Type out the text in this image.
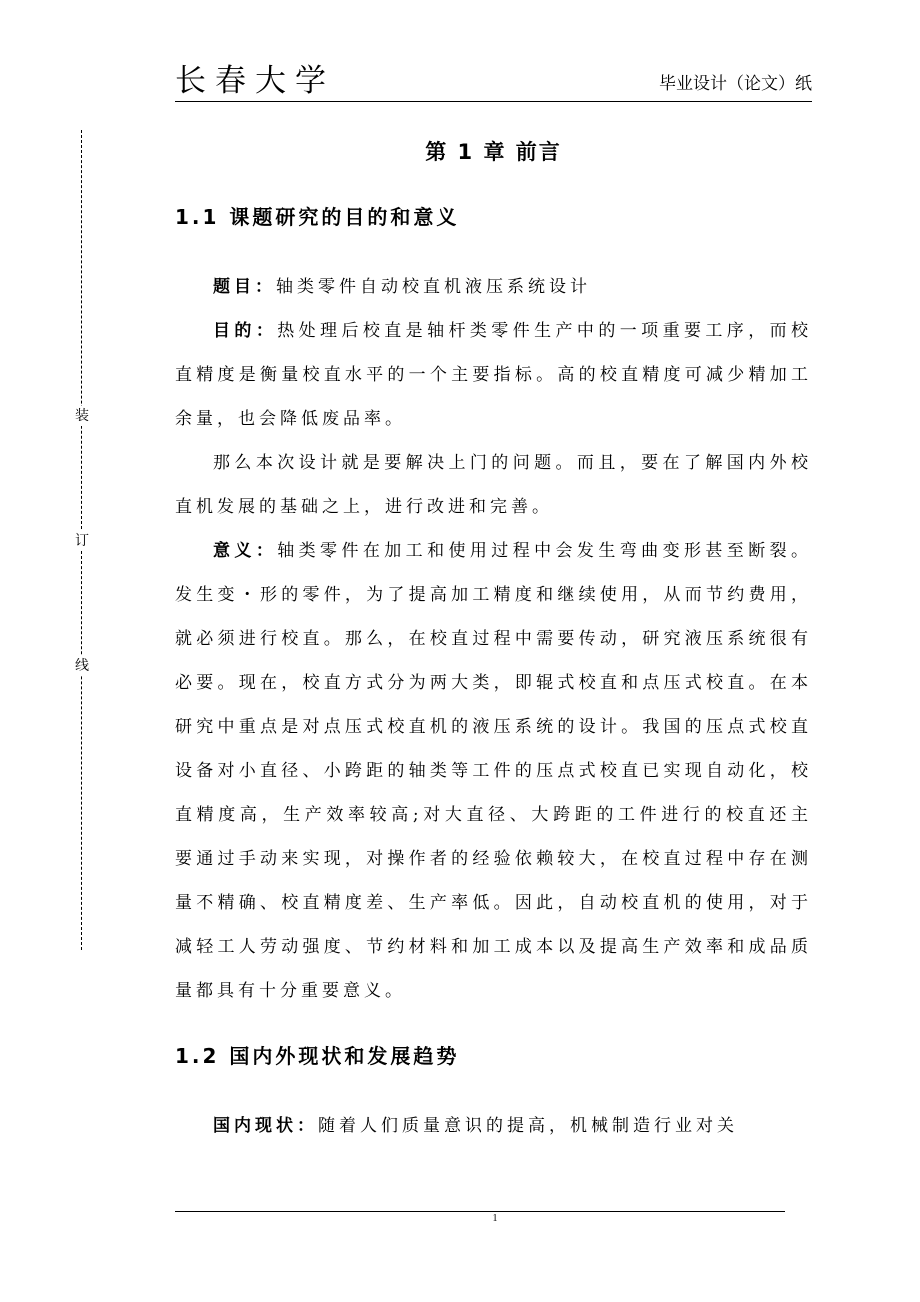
长春大学	毕业设计（论文）纸
装
订
线
第 1 章 前言
1.1 课题研究的目的和意义

题目：轴类零件自动校直机液压系统设计

目的：热处理后校直是轴杆类零件生产中的一项重要工序，而校直精度是衡量校直水平的一个主要指标。高的校直精度可减少精加工余量，也会降低废品率。

那么本次设计就是要解决上门的问题。而且，要在了解国内外校直机发展的基础之上，进行改进和完善。

意义：轴类零件在加工和使用过程中会发生弯曲变形甚至断裂。发生变・形的零件，为了提高加工精度和继续使用，从而节约费用，就必须进行校直。那么，在校直过程中需要传动，研究液压系统很有必要。现在，校直方式分为两大类，即辊式校直和点压式校直。在本研究中重点是对点压式校直机的液压系统的设计。我国的压点式校直设备对小直径、小跨距的轴类等工件的压点式校直已实现自动化，校直精度高，生产效率较高;对大直径、大跨距的工件进行的校直还主要通过手动来实现，对操作者的经验依赖较大，在校直过程中存在测量不精确、校直精度差、生产率低。因此，自动校直机的使用，对于减轻工人劳动强度、节约材料和加工成本以及提高生产效率和成品质量都具有十分重要意义。

1.2 国内外现状和发展趋势

国内现状：随着人们质量意识的提高，机械制造行业对关

1
